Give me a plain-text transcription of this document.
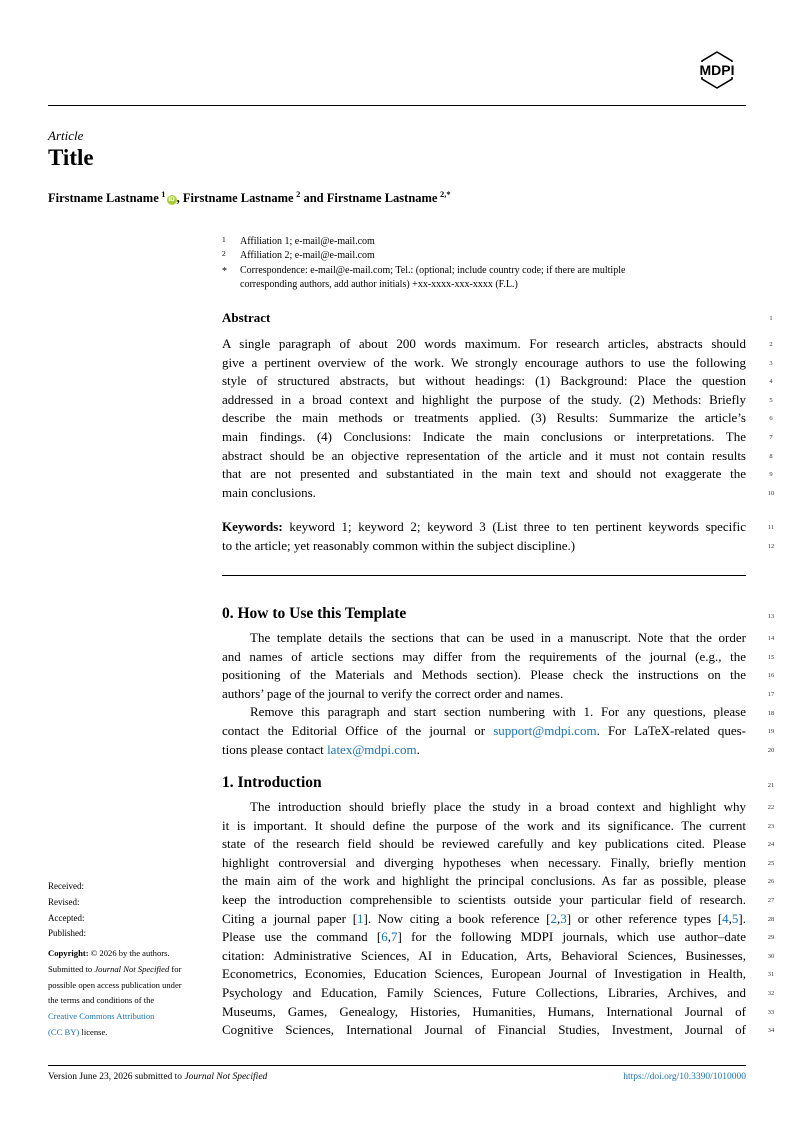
MDPI
Article
Title
Firstname Lastname  $^1$ iD , Firstname Lastname  $^2$ and Firstname Lastname  $^{2,*}$
1 Affiliation 1; e-mail@e-mail.com
2 Affiliation 2; e-mail@e-mail.com
* Correspondence: e-mail@e-mail.com; Tel.: (optional; include country code; if there are multiple
corresponding authors, add author initials) +xx-xxxx-xxx-xxxx (F.L.)
Abstract
A single paragraph of about 200 words maximum. For research articles, abstracts should
give a pertinent overview of the work. We strongly encourage authors to use the following
style of structured abstracts, but without headings: (1) Background: Place the question
addressed in a broad context and highlight the purpose of the study. (2) Methods: Briefly
describe the main methods or treatments applied. (3) Results: Summarize the article’s
main findings. (4) Conclusions: Indicate the main conclusions or interpretations. The
abstract should be an objective representation of the article and it must not contain results
that are not presented and substantiated in the main text and should not exaggerate the
main conclusions.
Keywords: keyword 1; keyword 2; keyword 3 (List three to ten pertinent keywords specific
to the article; yet reasonably common within the subject discipline.)
0. How to Use this Template
The template details the sections that can be used in a manuscript. Note that the order
and names of article sections may differ from the requirements of the journal (e.g., the
positioning of the Materials and Methods section). Please check the instructions on the
authors’ page of the journal to verify the correct order and names.
Remove this paragraph and start section numbering with 1. For any questions, please
contact the Editorial Office of the journal or support@mdpi.com. For LaTeX-related ques-
tions please contact latex@mdpi.com.
1. Introduction
The introduction should briefly place the study in a broad context and highlight why
it is important. It should define the purpose of the work and its significance. The current
state of the research field should be reviewed carefully and key publications cited. Please
highlight controversial and diverging hypotheses when necessary. Finally, briefly mention
the main aim of the work and highlight the principal conclusions. As far as possible, please
keep the introduction comprehensible to scientists outside your particular field of research.
Citing a journal paper [1]. Now citing a book reference [2,3] or other reference types [4,5].
Please use the command [6,7] for the following MDPI journals, which use author–date
citation: Administrative Sciences, AI in Education, Arts, Behavioral Sciences, Businesses,
Econometrics, Economies, Education Sciences, European Journal of Investigation in Health,
Psychology and Education, Family Sciences, Future Collections, Libraries, Archives, and
Museums, Games, Genealogy, Histories, Humanities, Humans, International Journal of
Cognitive Sciences, International Journal of Financial Studies, Investment, Journal of
1
2
3
4
5
6
7
8
9
10
11
12
13
14
15
16
17
18
19
20
21
22
23
24
25
26
27
28
29
30
31
32
33
34
Received:
Revised:
Accepted:
Published:
Copyright: © 2026 by the authors.
Submitted to Journal Not Specified for
possible open access publication under
the terms and conditions of the
Creative Commons Attribution
(CC BY) license.
Version June 23, 2026 submitted to Journal Not Specified	https://doi.org/10.3390/1010000
